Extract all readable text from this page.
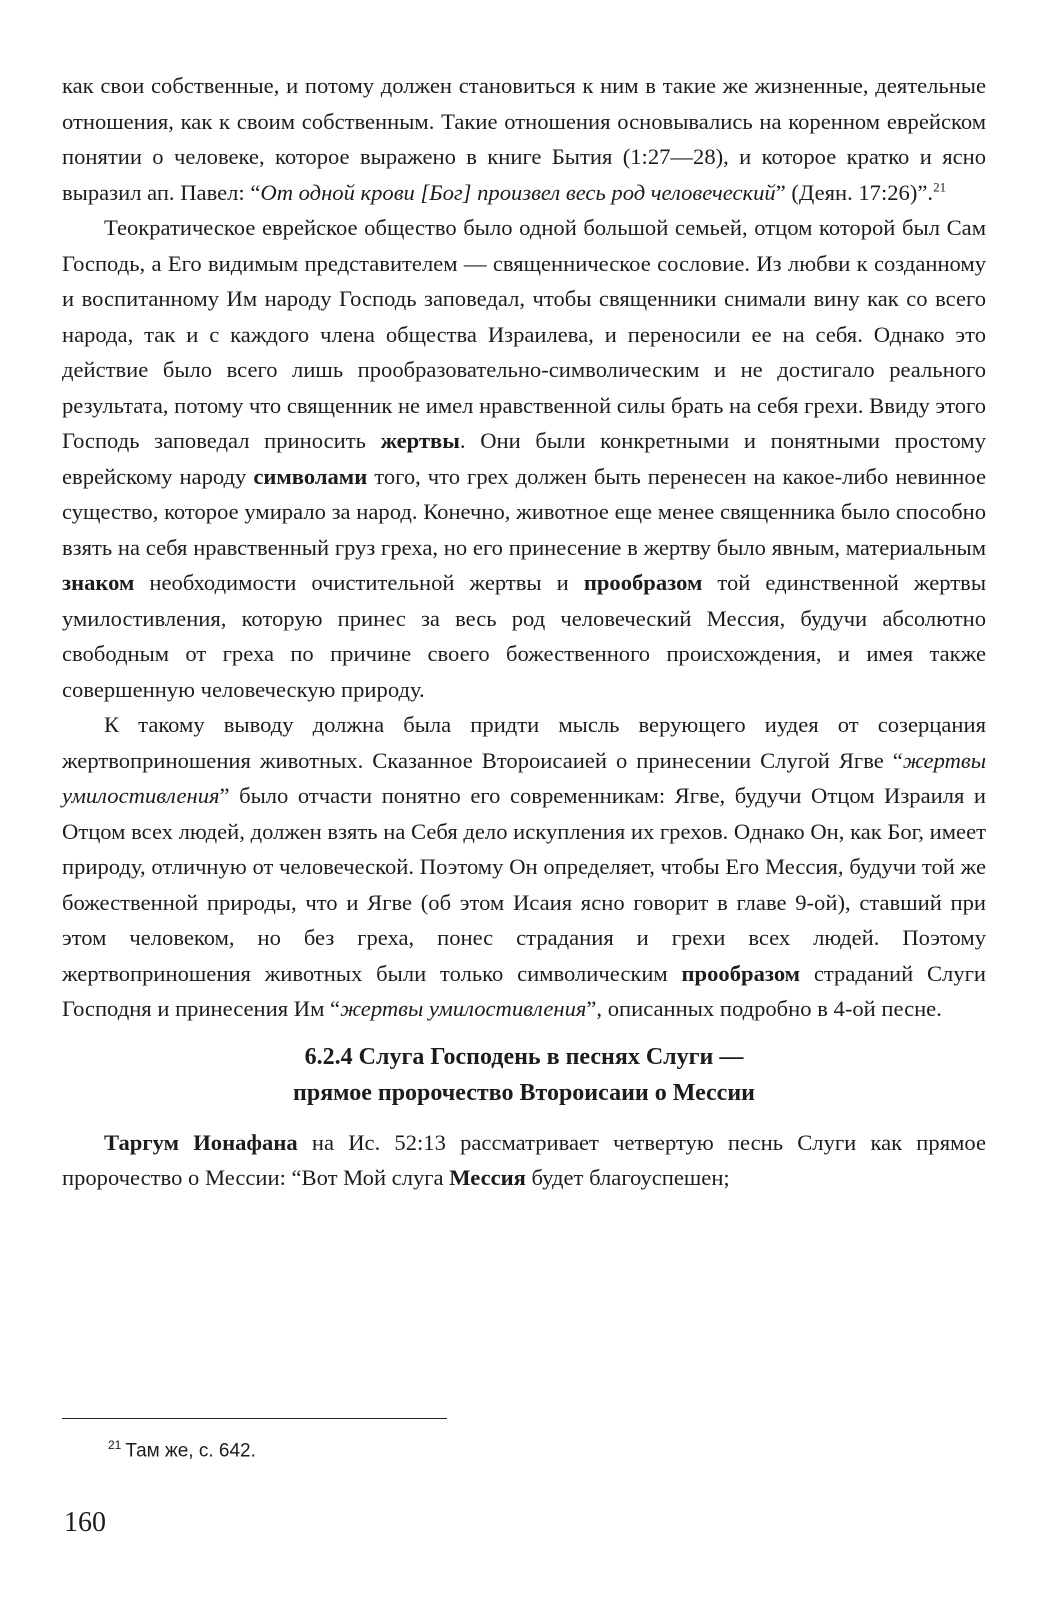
как свои собственные, и потому должен становиться к ним в такие же жизненные, деятельные отношения, как к своим собственным. Такие отношения основывались на коренном еврейском понятии о человеке, которое выражено в книге Бытия (1:27—28), и которое кратко и ясно выразил ап. Павел: “От одной крови [Бог] произвел весь род человеческий” (Деян. 17:26)”.$^{21}$

Теократическое еврейское общество было одной большой семьей, отцом которой был Сам Господь, а Его видимым представителем — священническое сословие. Из любви к созданному и воспитанному Им народу Господь заповедал, чтобы священники снимали вину как со всего народа, так и с каждого члена общества Израилева, и переносили ее на себя. Однако это действие было всего лишь прообразовательно-символическим и не достигало реального результата, потому что священник не имел нравственной силы брать на себя грехи. Ввиду этого Господь заповедал приносить жертвы. Они были конкретными и понятными простому еврейскому народу символами того, что грех должен быть перенесен на какое-либо невинное существо, которое умирало за народ. Конечно, животное еще менее священника было способно взять на себя нравственный груз греха, но его принесение в жертву было явным, материальным знаком необходимости очистительной жертвы и прообразом той единственной жертвы умилостивления, которую принес за весь род человеческий Мессия, будучи абсолютно свободным от греха по причине своего божественного происхождения, и имея также совершенную человеческую природу.

К такому выводу должна была придти мысль верующего иудея от созерцания жертвоприношения животных. Сказанное Второисаией о принесении Слугой Ягве “жертвы умилостивления” было отчасти понятно его современникам: Ягве, будучи Отцом Израиля и Отцом всех людей, должен взять на Себя дело искупления их грехов. Однако Он, как Бог, имеет природу, отличную от человеческой. Поэтому Он определяет, чтобы Его Мессия, будучи той же божественной природы, что и Ягве (об этом Исаия ясно говорит в главе 9-ой), ставший при этом человеком, но без греха, понес страдания и грехи всех людей. Поэтому жертвоприношения животных были только символическим прообразом страданий Слуги Господня и принесения Им “жертвы умилостивления”, описанных подробно в 4-ой песне.

6.2.4 Слуга Господень в песнях Слуги —
прямое пророчество Второисаии о Мессии

Таргум Ионафана на Ис. 52:13 рассматривает четвертую песнь Слуги как прямое пророчество о Мессии: “Вот Мой слуга Мессия будет благоуспешен;

$^{21}$ Там же, с. 642.
160
